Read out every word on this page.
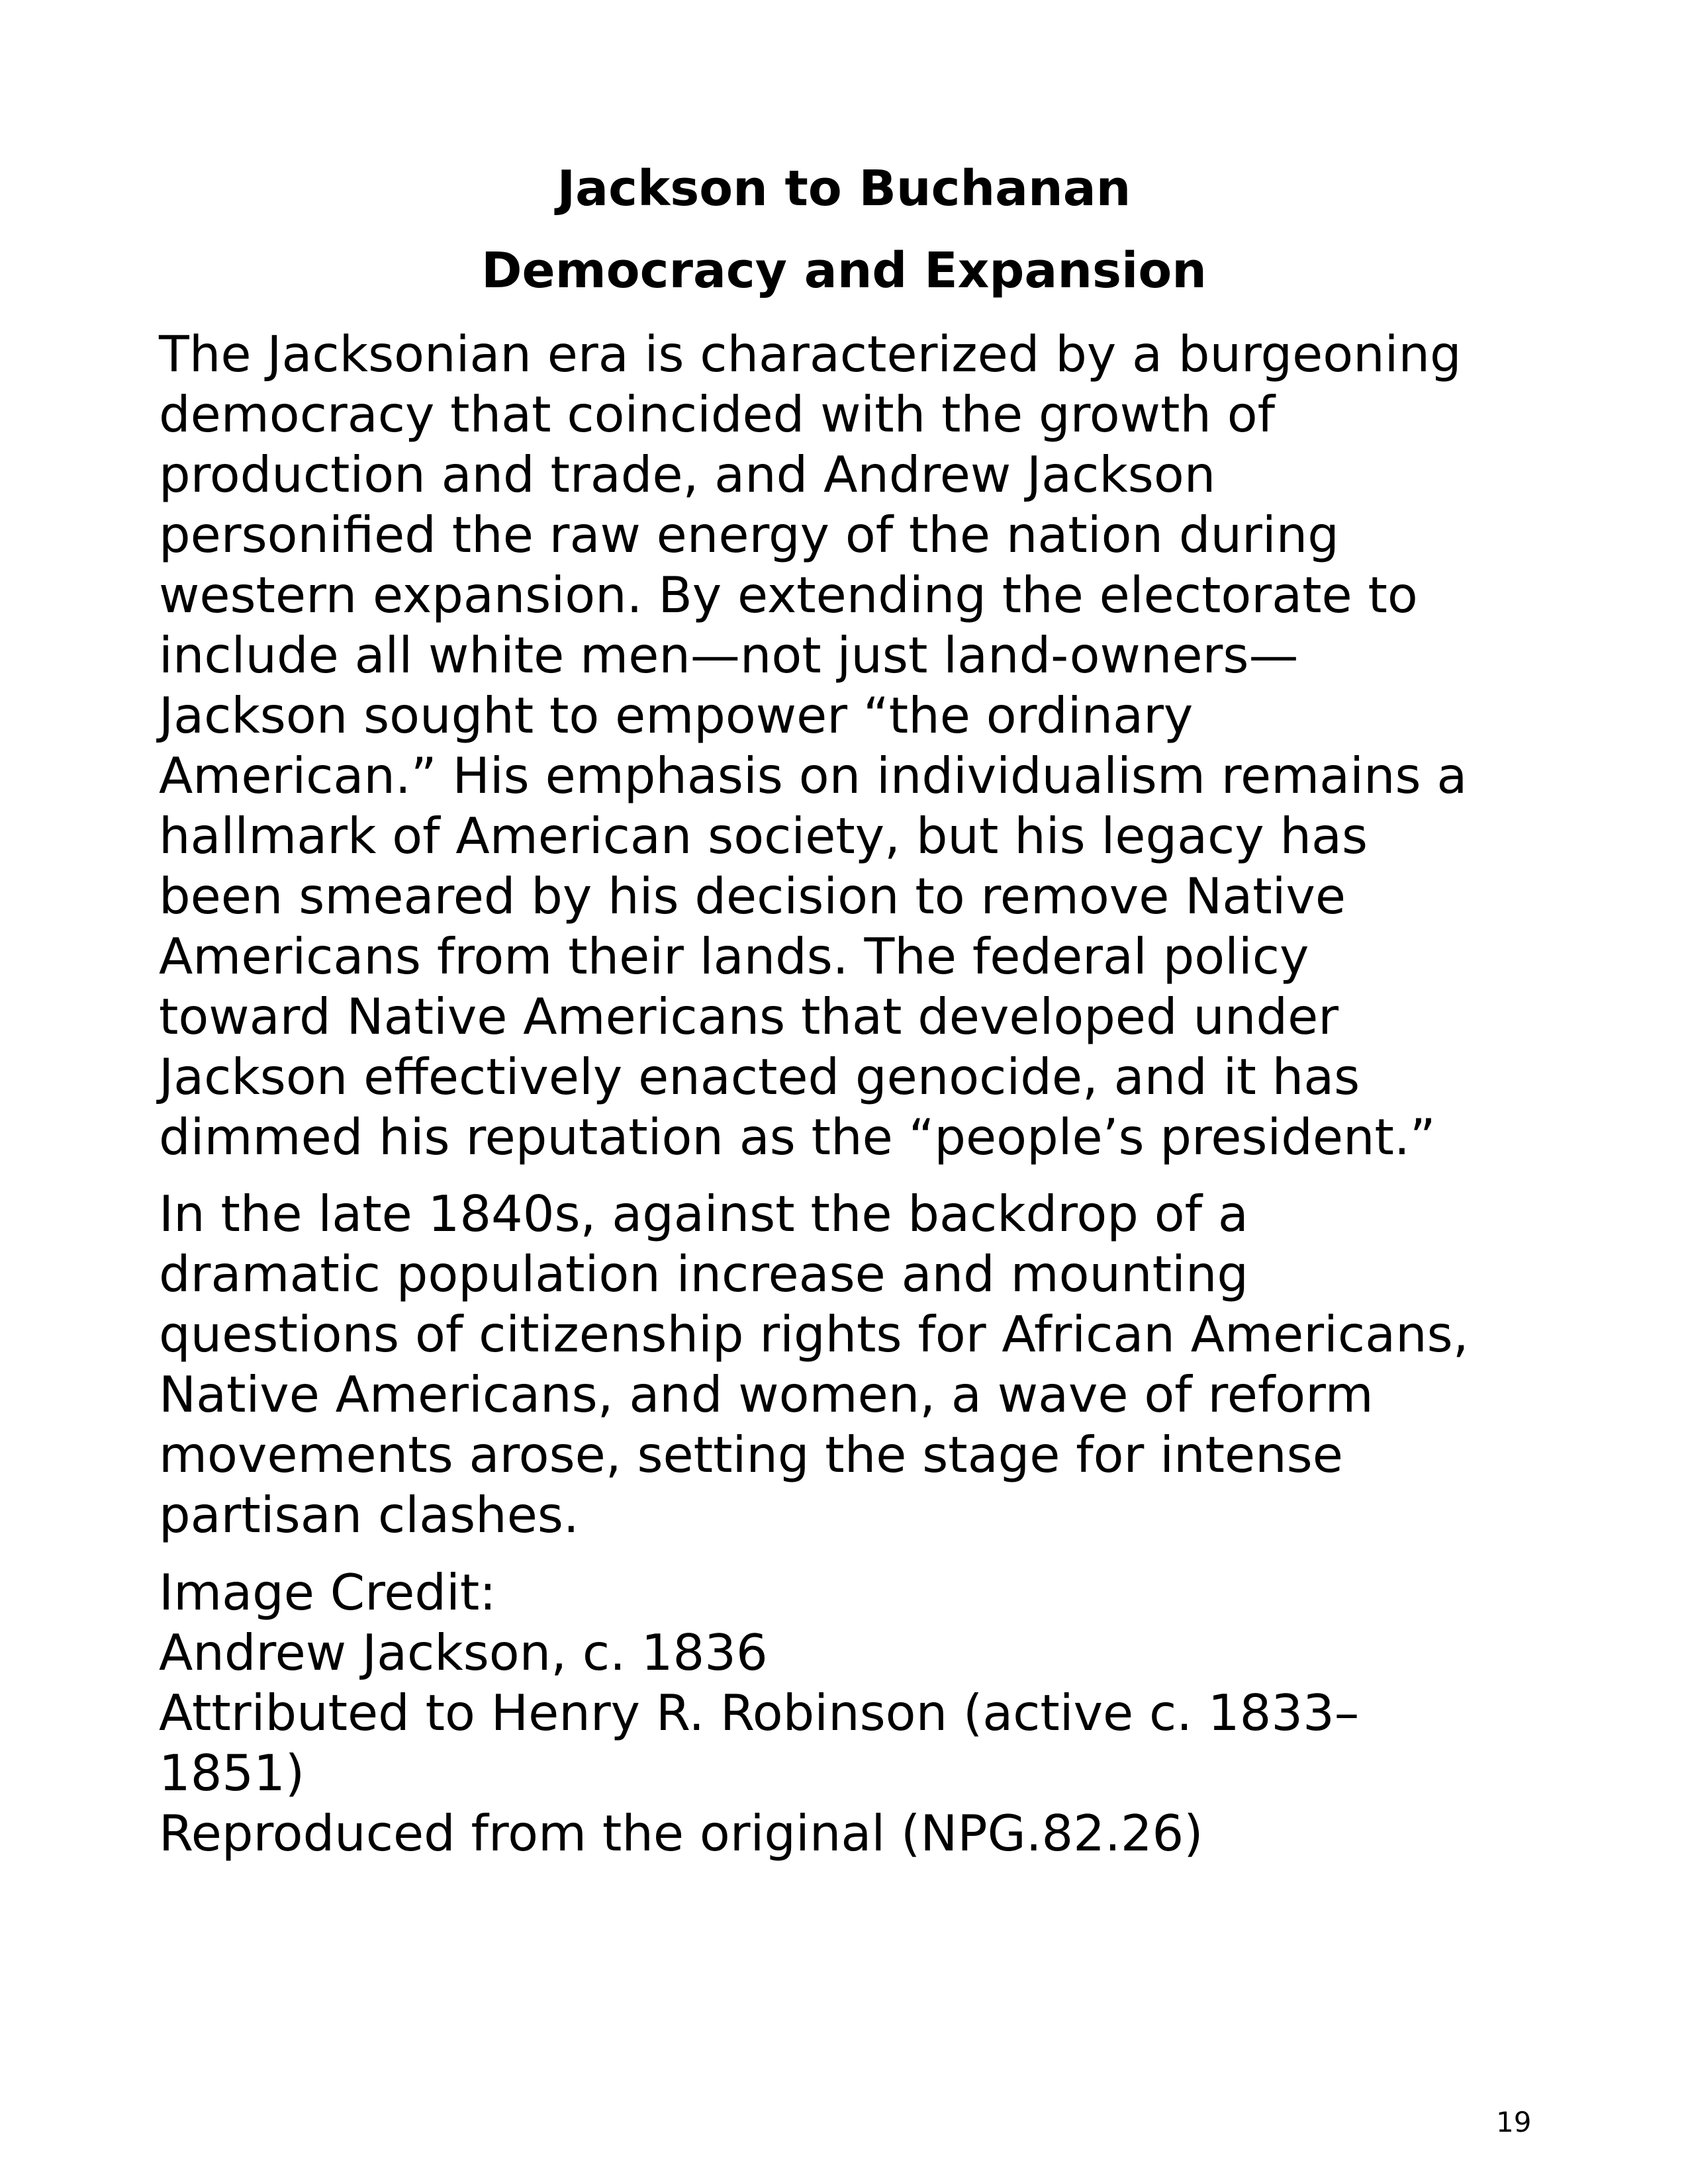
Jackson to Buchanan
Democracy and Expansion

The Jacksonian era is characterized by a burgeoning
democracy that coincided with the growth of
production and trade, and Andrew Jackson
personified the raw energy of the nation during
western expansion. By extending the electorate to
include all white men—not just land-owners—
Jackson sought to empower “the ordinary
American.” His emphasis on individualism remains a
hallmark of American society, but his legacy has
been smeared by his decision to remove Native
Americans from their lands. The federal policy
toward Native Americans that developed under
Jackson effectively enacted genocide, and it has
dimmed his reputation as the “people’s president.”

In the late 1840s, against the backdrop of a
dramatic population increase and mounting
questions of citizenship rights for African Americans,
Native Americans, and women, a wave of reform
movements arose, setting the stage for intense
partisan clashes.

Image Credit:
Andrew Jackson, c. 1836
Attributed to Henry R. Robinson (active c. 1833–
1851)
Reproduced from the original (NPG.82.26)

19
